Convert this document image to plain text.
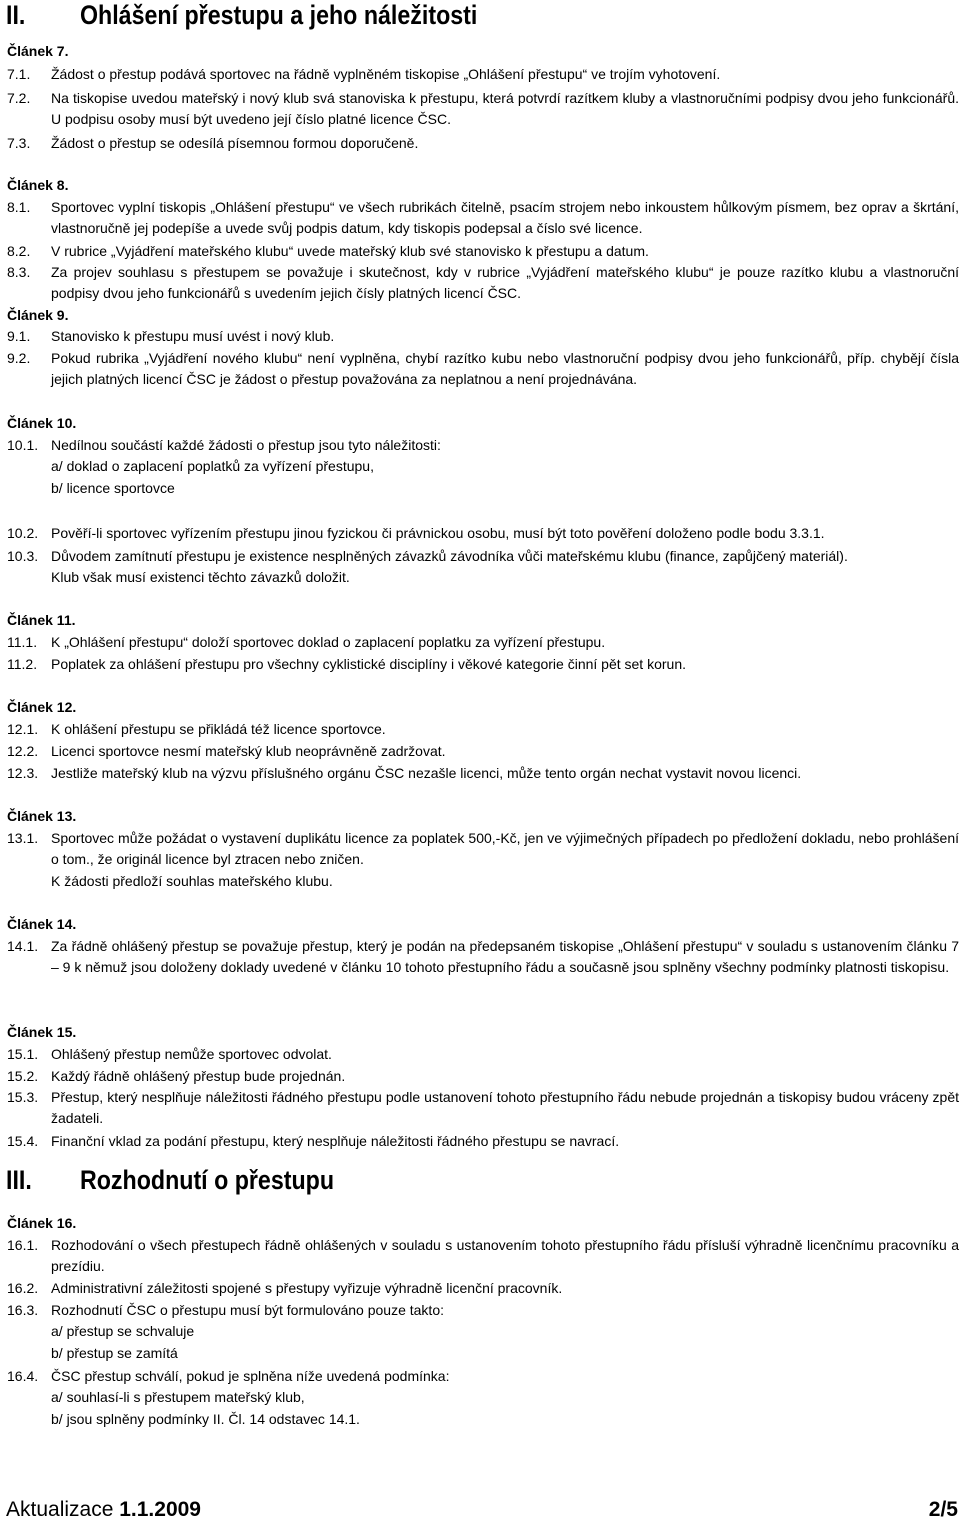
II. Ohlášení přestupu a jeho náležitosti
Článek 7.
7.1.	Žádost o přestup podává sportovec na řádně vyplněném tiskopise „Ohlášení přestupu“ ve trojím vyhotovení.
7.2.	Na tiskopise uvedou mateřský i nový klub svá stanoviska k přestupu, která potvrdí razítkem kluby a vlastnoručními podpisy dvou jeho funkcionářů. U podpisu osoby musí být uvedeno její číslo platné licence ČSC.
7.3.	Žádost o přestup se odesílá písemnou formou doporučeně.
Článek 8.
8.1.	Sportovec vyplní tiskopis „Ohlášení přestupu“ ve všech rubrikách čitelně, psacím strojem nebo inkoustem hůlkovým písmem, bez oprav a škrtání, vlastnoručně jej podepíše a uvede svůj podpis datum, kdy tiskopis podepsal a číslo své licence.
8.2.	V rubrice „Vyjádření mateřského klubu“ uvede mateřský klub své stanovisko k přestupu a datum.
8.3.	Za projev souhlasu s přestupem se považuje i skutečnost, kdy v rubrice „Vyjádření mateřského klubu“ je pouze razítko klubu a vlastnoruční podpisy dvou jeho funkcionářů s uvedením jejich čísly platných licencí ČSC.
Článek 9.
9.1.	Stanovisko k přestupu musí uvést i nový klub.
9.2.	Pokud rubrika „Vyjádření nového klubu“ není vyplněna, chybí razítko kubu nebo vlastnoruční podpisy dvou jeho funkcionářů, příp. chybějí čísla jejich platných licencí ČSC je žádost o přestup považována za neplatnou a není projednávána.
Článek 10.
10.1. Nedílnou součástí každé žádosti o přestup jsou tyto náležitosti:
a/ doklad o zaplacení poplatků za vyřízení přestupu,
b/ licence sportovce
10.2. Pověří-li sportovec vyřízením přestupu jinou fyzickou či právnickou osobu, musí být toto pověření doloženo podle bodu 3.3.1.
10.3. Důvodem zamítnutí přestupu je existence nesplněných závazků závodníka vůči mateřskému klubu (finance, zapůjčený materiál).
Klub však musí existenci těchto závazků doložit.
Článek 11.
11.1. K „Ohlášení přestupu“ doloží sportovec doklad o zaplacení poplatku za vyřízení přestupu.
11.2. Poplatek za ohlášení přestupu pro všechny cyklistické disciplíny i věkové kategorie činní pět set korun.
Článek 12.
12.1. K ohlášení přestupu se přikládá též licence sportovce.
12.2. Licenci sportovce nesmí mateřský klub neoprávněně zadržovat.
12.3. Jestliže mateřský klub na výzvu příslušného orgánu ČSC nezašle licenci, může tento orgán nechat vystavit novou licenci.
Článek 13.
13.1. Sportovec může požádat o vystavení duplikátu licence za poplatek 500,-Kč, jen ve výjimečných případech po předložení dokladu, nebo prohlášení o tom., že originál licence byl ztracen nebo zničen.
K žádosti předloží souhlas mateřského klubu.
Článek 14.
14.1. Za řádně ohlášený přestup se považuje přestup, který je podán na předepsaném tiskopise „Ohlášení přestupu“ v souladu s ustanovením článku 7 – 9 k němuž jsou doloženy doklady uvedené v článku 10 tohoto přestupního řádu a současně jsou splněny všechny podmínky platnosti tiskopisu.
Článek 15.
15.1. Ohlášený přestup nemůže sportovec odvolat.
15.2. Každý řádně ohlášený přestup bude projednán.
15.3. Přestup, který nesplňuje náležitosti řádného přestupu podle ustanovení tohoto přestupního řádu nebude projednán a tiskopisy budou vráceny zpět žadateli.
15.4. Finanční vklad za podání přestupu, který nesplňuje náležitosti řádného přestupu se navrací.
III. Rozhodnutí o přestupu
Článek 16.
16.1. Rozhodování o všech přestupech řádně ohlášených v souladu s ustanovením tohoto přestupního řádu přísluší výhradně licenčnímu pracovníku a prezídiu.
16.2. Administrativní záležitosti spojené s přestupy vyřizuje výhradně licenční pracovník.
16.3. Rozhodnutí ČSC o přestupu musí být formulováno pouze takto:
a/ přestup se schvaluje
b/ přestup se zamítá
16.4. ČSC přestup schválí, pokud je splněna níže uvedená podmínka:
a/ souhlasí-li s přestupem mateřský klub,
b/ jsou splněny podmínky II. Čl. 14 odstavec 14.1.
Aktualizace 1.1.2009	2/5
